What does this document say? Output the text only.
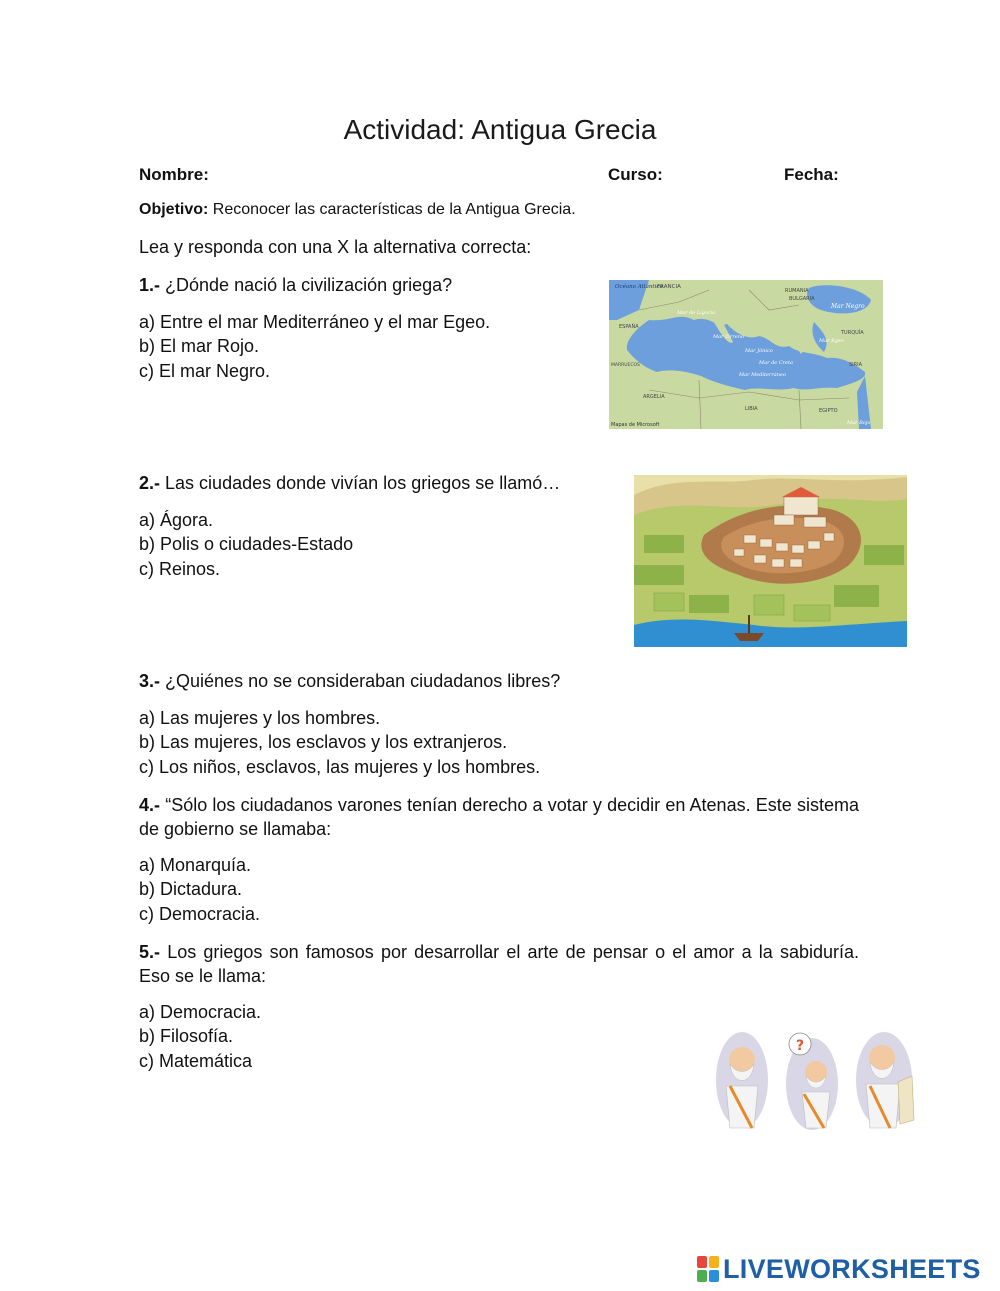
Actividad: Antigua Grecia
Nombre:	Curso:	Fecha:
Objetivo: Reconocer las características de la Antigua Grecia.
Lea y responda con una X la alternativa correcta:
1.- ¿Dónde nació la civilización griega?
a) Entre el mar Mediterráneo y el mar Egeo.
b) El mar Rojo.
c) El mar Negro.
Océano Atlántico
FRANCIA
Mar Negro
RUMANIA
BULGARIA
Mar de Liguria
ESPAÑA
Mar Tirreno
Mar Jónico
Mar Egeo
TURQUÍA
SIRIA
Mar de Creta
Mar Mediterráneo
MARRUECOS
ARGELIA
LIBIA	EGIPTO
Mar Rojo
Mapas de Microsoft
2.- Las ciudades donde vivían los griegos se llamó…
a) Ágora.
b) Polis o ciudades-Estado
c) Reinos.
3.- ¿Quiénes no se consideraban ciudadanos libres?
a) Las mujeres y los hombres.
b) Las mujeres, los esclavos y los extranjeros.
c) Los niños, esclavos, las mujeres y los hombres.
4.- “Sólo los ciudadanos varones tenían derecho a votar y decidir en Atenas. Este sistema de gobierno se llamaba:
a) Monarquía.
b) Dictadura.
c) Democracia.
5.- Los griegos son famosos por desarrollar el arte de pensar o el amor a la sabiduría. Eso se le llama:
a) Democracia.
b) Filosofía.
c) Matemática
?
LIVEWORKSHEETS
